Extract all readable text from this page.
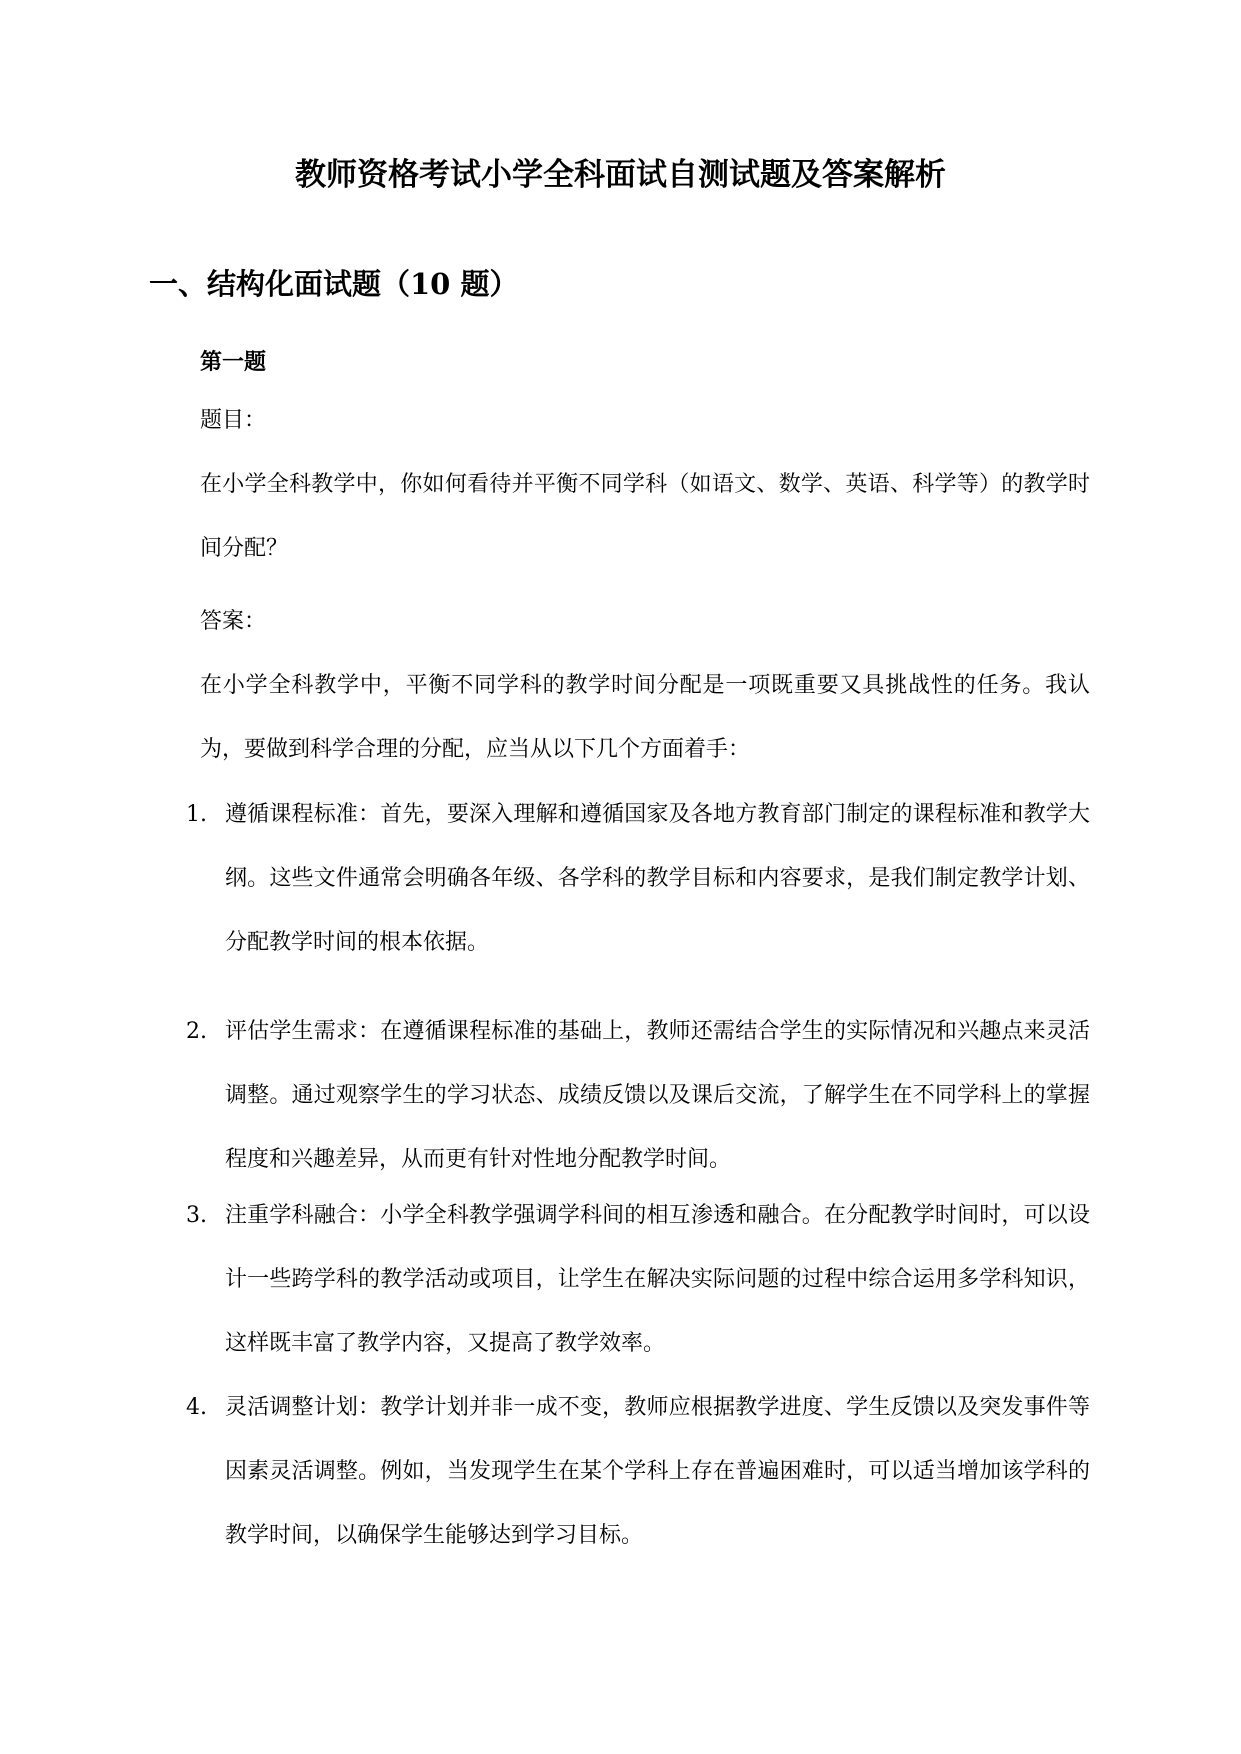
教师资格考试小学全科面试自测试题及答案解析
一、结构化面试题（10 题）
第一题

题目：

在小学全科教学中，你如何看待并平衡不同学科（如语文、数学、英语、科学等）的教学时间分配？

答案：

在小学全科教学中，平衡不同学科的教学时间分配是一项既重要又具挑战性的任务。我认为，要做到科学合理的分配，应当从以下几个方面着手：

1. 遵循课程标准：首先，要深入理解和遵循国家及各地方教育部门制定的课程标准和教学大纲。这些文件通常会明确各年级、各学科的教学目标和内容要求，是我们制定教学计划、分配教学时间的根本依据。

2. 评估学生需求：在遵循课程标准的基础上，教师还需结合学生的实际情况和兴趣点来灵活调整。通过观察学生的学习状态、成绩反馈以及课后交流，了解学生在不同学科上的掌握程度和兴趣差异，从而更有针对性地分配教学时间。

3. 注重学科融合：小学全科教学强调学科间的相互渗透和融合。在分配教学时间时，可以设计一些跨学科的教学活动或项目，让学生在解决实际问题的过程中综合运用多学科知识，这样既丰富了教学内容，又提高了教学效率。

4. 灵活调整计划：教学计划并非一成不变，教师应根据教学进度、学生反馈以及突发事件等因素灵活调整。例如，当发现学生在某个学科上存在普遍困难时，可以适当增加该学科的教学时间，以确保学生能够达到学习目标。
